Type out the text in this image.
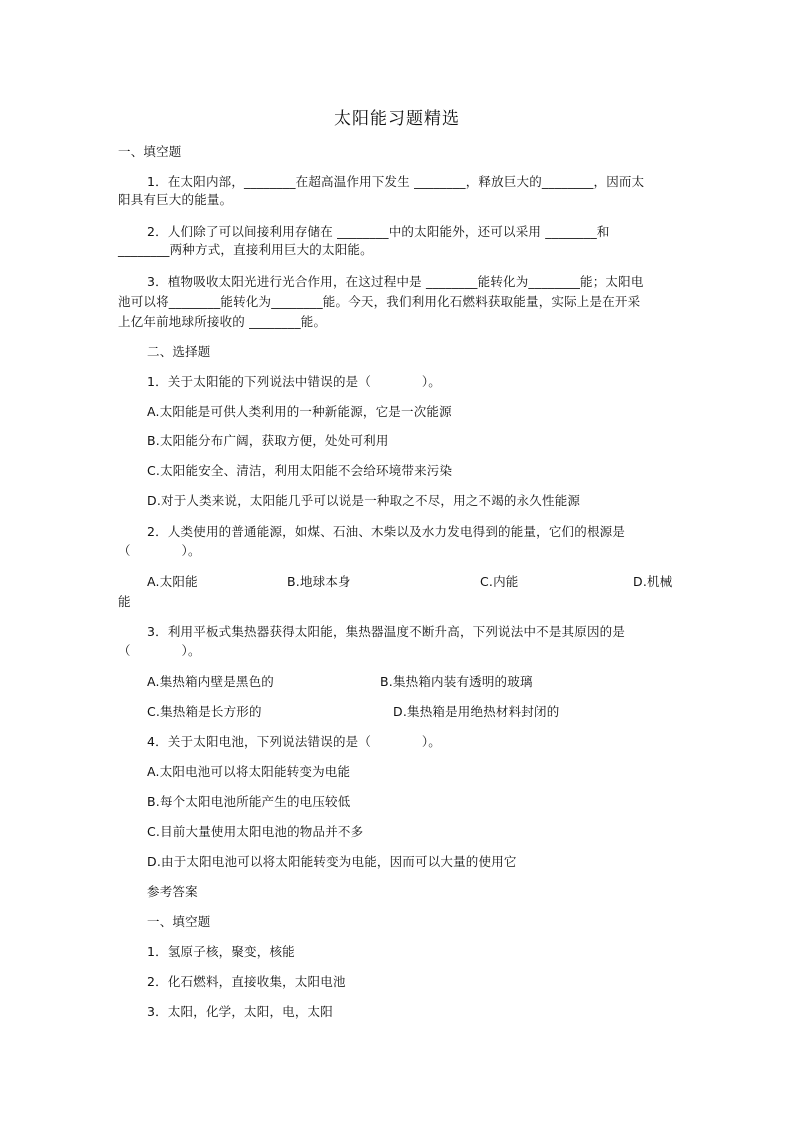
太阳能习题精选
一、填空题
1．在太阳内部，________在超高温作用下发生 ________，释放巨大的________，因而太
阳具有巨大的能量。
2．人们除了可以间接利用存储在 ________中的太阳能外，还可以采用 ________和
________两种方式，直接利用巨大的太阳能。
3．植物吸收太阳光进行光合作用，在这过程中是 ________能转化为________能；太阳电
池可以将________能转化为________能。今天，我们利用化石燃料获取能量，实际上是在开采
上亿年前地球所接收的 ________能。
二、选择题
1．关于太阳能的下列说法中错误的是（　　　　）。
A.太阳能是可供人类利用的一种新能源，它是一次能源
B.太阳能分布广阔，获取方便，处处可利用
C.太阳能安全、清洁，利用太阳能不会给环境带来污染
D.对于人类来说，太阳能几乎可以说是一种取之不尽，用之不竭的永久性能源
2．人类使用的普通能源，如煤、石油、木柴以及水力发电得到的能量，它们的根源是
（　　　　）。
A.太阳能	B.地球本身	C.内能	D.机械
能
3．利用平板式集热器获得太阳能，集热器温度不断升高，下列说法中不是其原因的是
（　　　　）。
A.集热箱内壁是黑色的	B.集热箱内装有透明的玻璃
C.集热箱是长方形的	D.集热箱是用绝热材料封闭的
4．关于太阳电池，下列说法错误的是（　　　　）。
A.太阳电池可以将太阳能转变为电能
B.每个太阳电池所能产生的电压较低
C.目前大量使用太阳电池的物品并不多
D.由于太阳电池可以将太阳能转变为电能，因而可以大量的使用它
参考答案
一、填空题
1．氢原子核，聚变，核能
2．化石燃料，直接收集，太阳电池
3．太阳，化学，太阳，电，太阳
